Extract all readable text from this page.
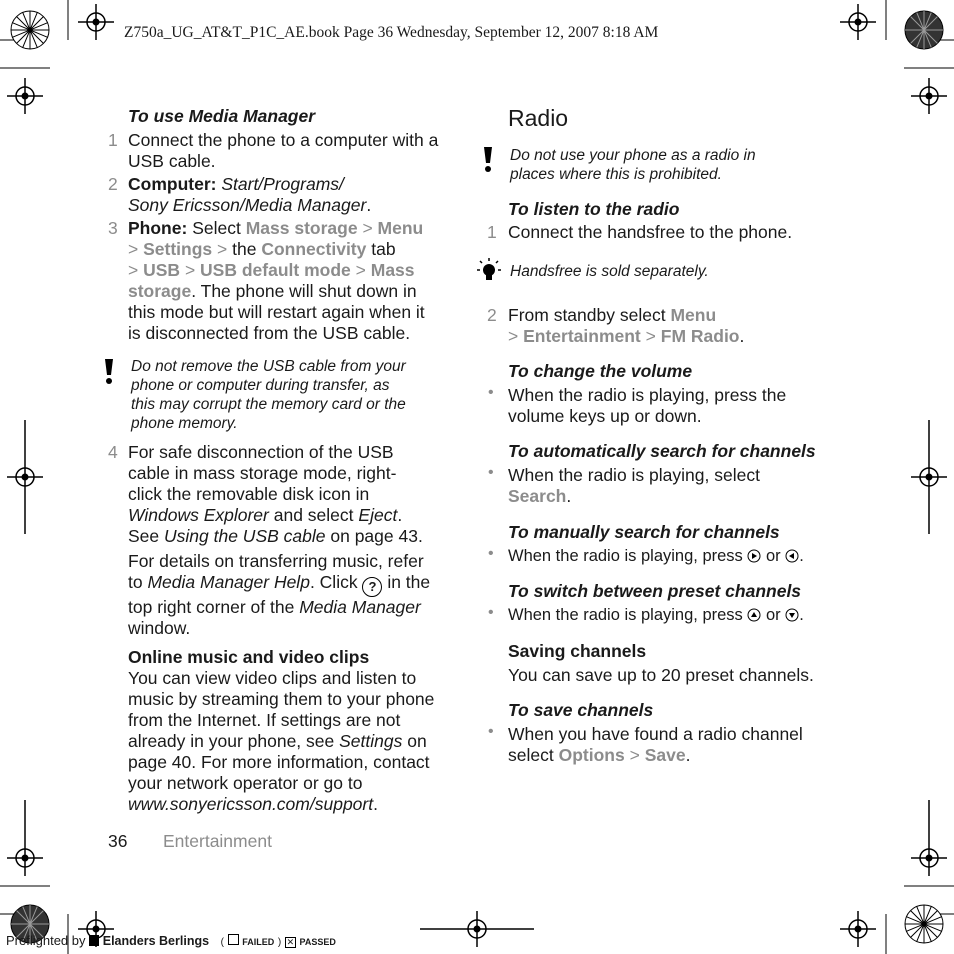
Z750a_UG_AT&T_P1C_AE.book Page 36 Wednesday, September 12, 2007 8:18 AM
To use Media Manager
1 Connect the phone to a computer with a USB cable.
2 Computer: Start/Programs/
Sony Ericsson/Media Manager.
3 Phone: Select Mass storage > Menu
> Settings > the Connectivity tab
> USB > USB default mode > Mass
storage. The phone will shut down in
this mode but will restart again when it
is disconnected from the USB cable.
Do not remove the USB cable from your
phone or computer during transfer, as
this may corrupt the memory card or the
phone memory.
4 For safe disconnection of the USB
cable in mass storage mode, right-
click the removable disk icon in
Windows Explorer and select Eject.
See Using the USB cable on page 43.
For details on transferring music, refer
to Media Manager Help. Click ? in the
top right corner of the Media Manager
window.
Online music and video clips
You can view video clips and listen to
music by streaming them to your phone
from the Internet. If settings are not
already in your phone, see Settings on
page 40. For more information, contact
your network operator or go to
www.sonyericsson.com/support.
Radio
Do not use your phone as a radio in
places where this is prohibited.
To listen to the radio
1 Connect the handsfree to the phone.
Handsfree is sold separately.
2 From standby select Menu
> Entertainment > FM Radio.
To change the volume
• When the radio is playing, press the
volume keys up or down.
To automatically search for channels
• When the radio is playing, select
Search.
To manually search for channels
• When the radio is playing, press or .
To switch between preset channels
• When the radio is playing, press or .
Saving channels
You can save up to 20 preset channels.
To save channels
• When you have found a radio channel
select Options > Save.
36 Entertainment
Preflighted by Elanders Berlings ( FAILED ) ✕ PASSED
